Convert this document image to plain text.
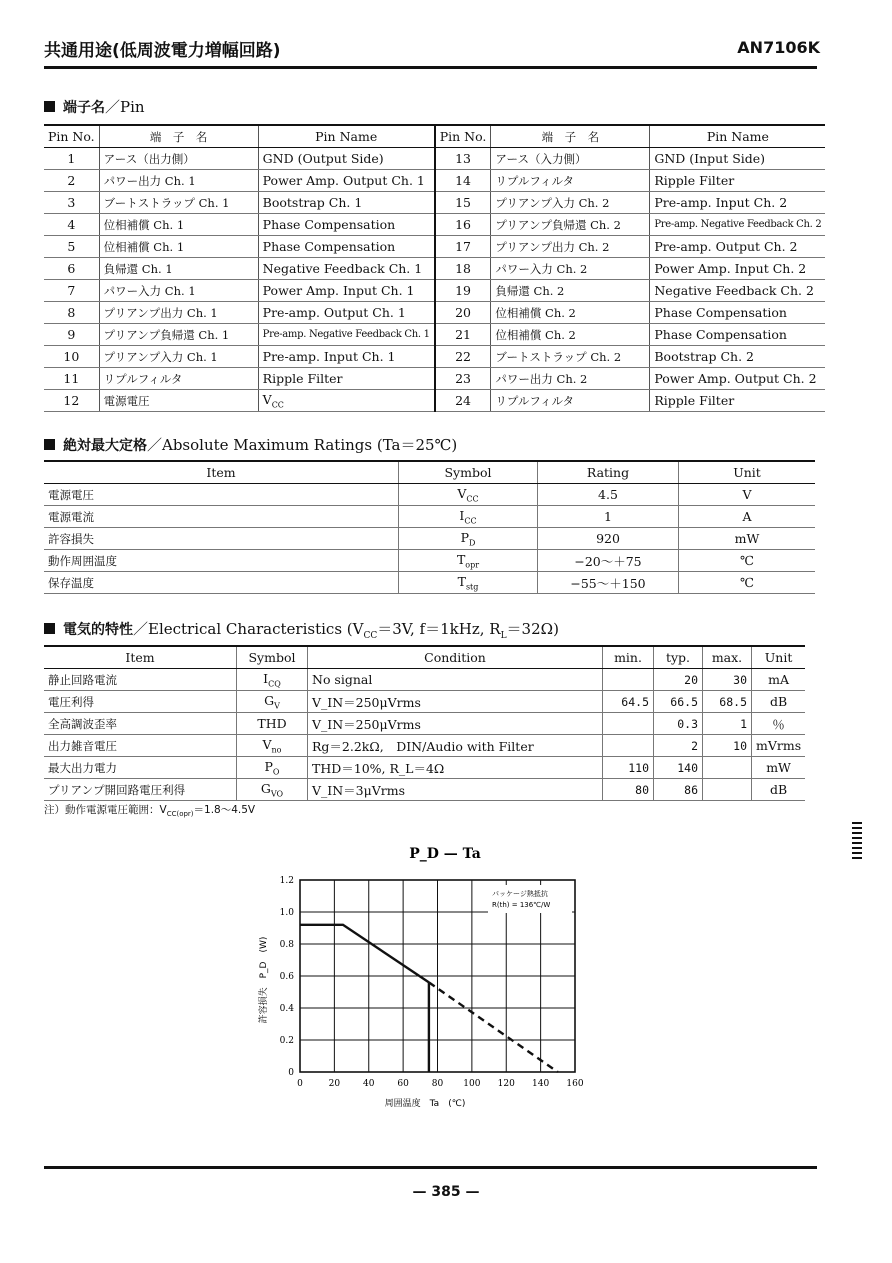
共通用途(低周波電力増幅回路)	AN7106K
端子名／Pin
Pin No.	端　子　名	Pin Name	Pin No.	端　子　名	Pin Name
1	アース（出力側）	GND (Output Side)	13	アース（入力側）	GND (Input Side)
2	パワー出力 Ch. 1	Power Amp. Output Ch. 1	14	リプルフィルタ	Ripple Filter
3	ブートストラップ Ch. 1	Bootstrap Ch. 1	15	プリアンプ入力 Ch. 2	Pre-amp. Input Ch. 2
4	位相補償 Ch. 1	Phase Compensation	16	プリアンプ負帰還 Ch. 2	Pre-amp. Negative Feedback Ch. 2
5	位相補償 Ch. 1	Phase Compensation	17	プリアンプ出力 Ch. 2	Pre-amp. Output Ch. 2
6	負帰還 Ch. 1	Negative Feedback Ch. 1	18	パワー入力 Ch. 2	Power Amp. Input Ch. 2
7	パワー入力 Ch. 1	Power Amp. Input Ch. 1	19	負帰還 Ch. 2	Negative Feedback Ch. 2
8	プリアンプ出力 Ch. 1	Pre-amp. Output Ch. 1	20	位相補償 Ch. 2	Phase Compensation
9	プリアンプ負帰還 Ch. 1	Pre-amp. Negative Feedback Ch. 1	21	位相補償 Ch. 2	Phase Compensation
10	プリアンプ入力 Ch. 1	Pre-amp. Input Ch. 1	22	ブートストラップ Ch. 2	Bootstrap Ch. 2
11	リプルフィルタ	Ripple Filter	23	パワー出力 Ch. 2	Power Amp. Output Ch. 2
12	電源電圧	$V_{CC}$	24	リプルフィルタ	Ripple Filter
絶対最大定格／Absolute Maximum Ratings (Ta＝25℃)
Item	Symbol	Rating	Unit
電源電圧	$V_{CC}$	4.5	V
電源電流	$I_{CC}$	1	A
許容損失	$P_D$	920	mW
動作周囲温度	$T_{opr}$	−20～＋75	℃
保存温度	$T_{stg}$	−55～＋150	℃
電気的特性／Electrical Characteristics ($V_{CC}=3V$, f＝1kHz, $R_L=32\Omega$)
Item	Symbol	Condition	min.	typ.	max.	Unit
静止回路電流	$I_{CQ}$	No signal		20	30	mA
電圧利得	$G_V$	V_IN＝250μVrms	64.5	66.5	68.5	dB
全高調波歪率	THD	V_IN＝250μVrms		0.3	1	％
出力雑音電圧	$V_{no}$	Rg＝2.2kΩ,　DIN/Audio with Filter		2	10	mVrms
最大出力電力	$P_O$	THD＝10%, R_L＝4Ω	110	140		mW
プリアンプ開回路電圧利得	$G_{VO}$	V_IN＝3μVrms	80	86		dB
注）動作電源電圧範囲：$V_{CC(opr)}=1.8\sim 4.5V$
P_D — Ta
0	20	40	60	80 100 120 140 160
0
0.2
0.4
0.6
0.8
1.0
1.2
パッケージ熱抵抗
R(th) = 136℃/W
周囲温度　Ta　(℃)
許容損失　P_D　(W)
— 385 —
